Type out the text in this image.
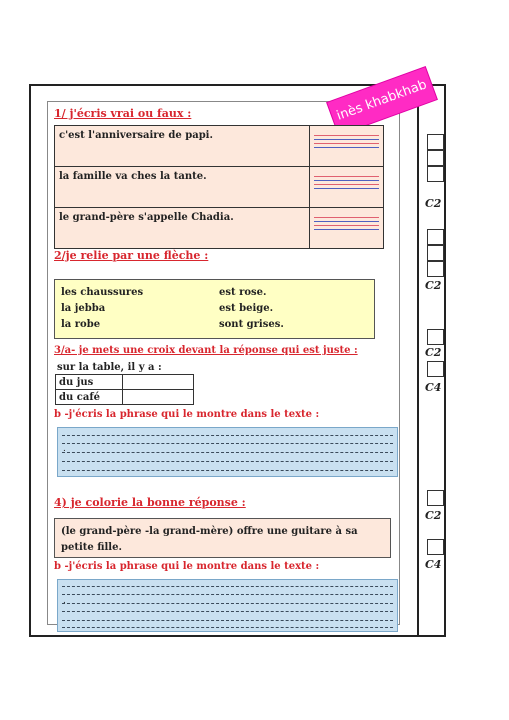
inès khabkhab
1/ j'écris vrai ou faux :
c'est l'anniversaire de papi.	

la famille va ches la tante.	

le grand-père s'appelle Chadia.	
2/je relie par une flèche :
les chaussures	est rose.
la jebba	est beige.
la robe	sont grises.
3/a- je mets une croix devant la réponse qui est juste :
sur la table, il y a :
du jus	
du café	
b -j'écris la phrase qui le montre dans le texte :
.
4) je colorie la bonne réponse :
(le grand-père -la grand-mère) offre une guitare à sa petite fille.
b -j'écris la phrase qui le montre dans le texte :
.
C2
C2
C2
C4
C2
C4
